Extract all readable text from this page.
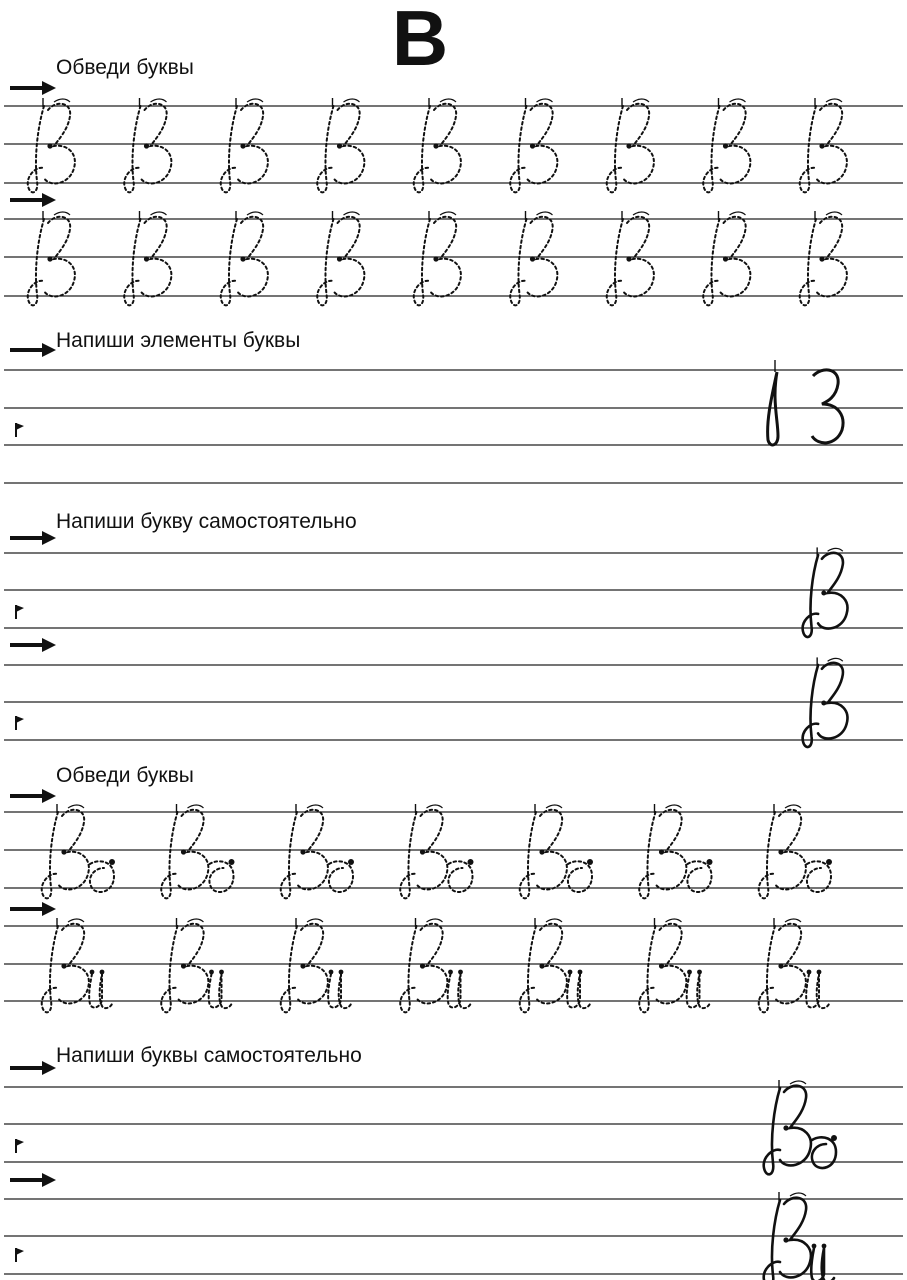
В
Обведи буквы
Напиши элементы буквы
Напиши букву самостоятельно
Обведи буквы
Напиши буквы самостоятельно
